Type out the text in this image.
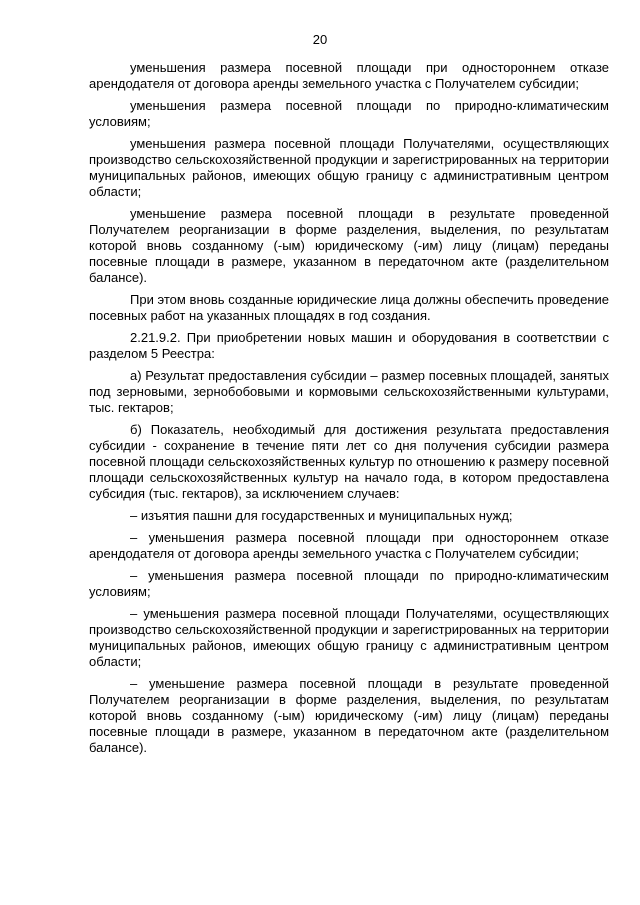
20

уменьшения размера посевной площади при одностороннем отказе арендодателя от договора аренды земельного участка с Получателем субсидии;

уменьшения размера посевной площади по природно-климатическим условиям;

уменьшения размера посевной площади Получателями, осуществляющих производство сельскохозяйственной продукции и зарегистрированных на территории муниципальных районов, имеющих общую границу с административным центром области;

уменьшение размера посевной площади в результате проведенной Получателем реорганизации в форме разделения, выделения, по результатам которой вновь созданному (-ым) юридическому (-им) лицу (лицам) переданы посевные площади в размере, указанном в передаточном акте (разделительном балансе).

При этом вновь созданные юридические лица должны обеспечить проведение посевных работ на указанных площадях в год создания.

2.21.9.2. При приобретении новых машин и оборудования в соответствии с разделом 5 Реестра:

а) Результат предоставления субсидии – размер посевных площадей, занятых под зерновыми, зернобобовыми и кормовыми сельскохозяйственными культурами, тыс. гектаров;

б) Показатель, необходимый для достижения результата предоставления субсидии - сохранение в течение пяти лет со дня получения субсидии размера посевной площади сельскохозяйственных культур по отношению к размеру посевной площади сельскохозяйственных культур на начало года, в котором предоставлена субсидия (тыс. гектаров), за исключением случаев:

– изъятия пашни для государственных и муниципальных нужд;

– уменьшения размера посевной площади при одностороннем отказе арендодателя от договора аренды земельного участка с Получателем субсидии;

– уменьшения размера посевной площади по природно-климатическим условиям;

– уменьшения размера посевной площади Получателями, осуществляющих производство сельскохозяйственной продукции и зарегистрированных на территории муниципальных районов, имеющих общую границу с административным центром области;

– уменьшение размера посевной площади в результате проведенной Получателем реорганизации в форме разделения, выделения, по результатам которой вновь созданному (-ым) юридическому (-им) лицу (лицам) переданы посевные площади в размере, указанном в передаточном акте (разделительном балансе).
